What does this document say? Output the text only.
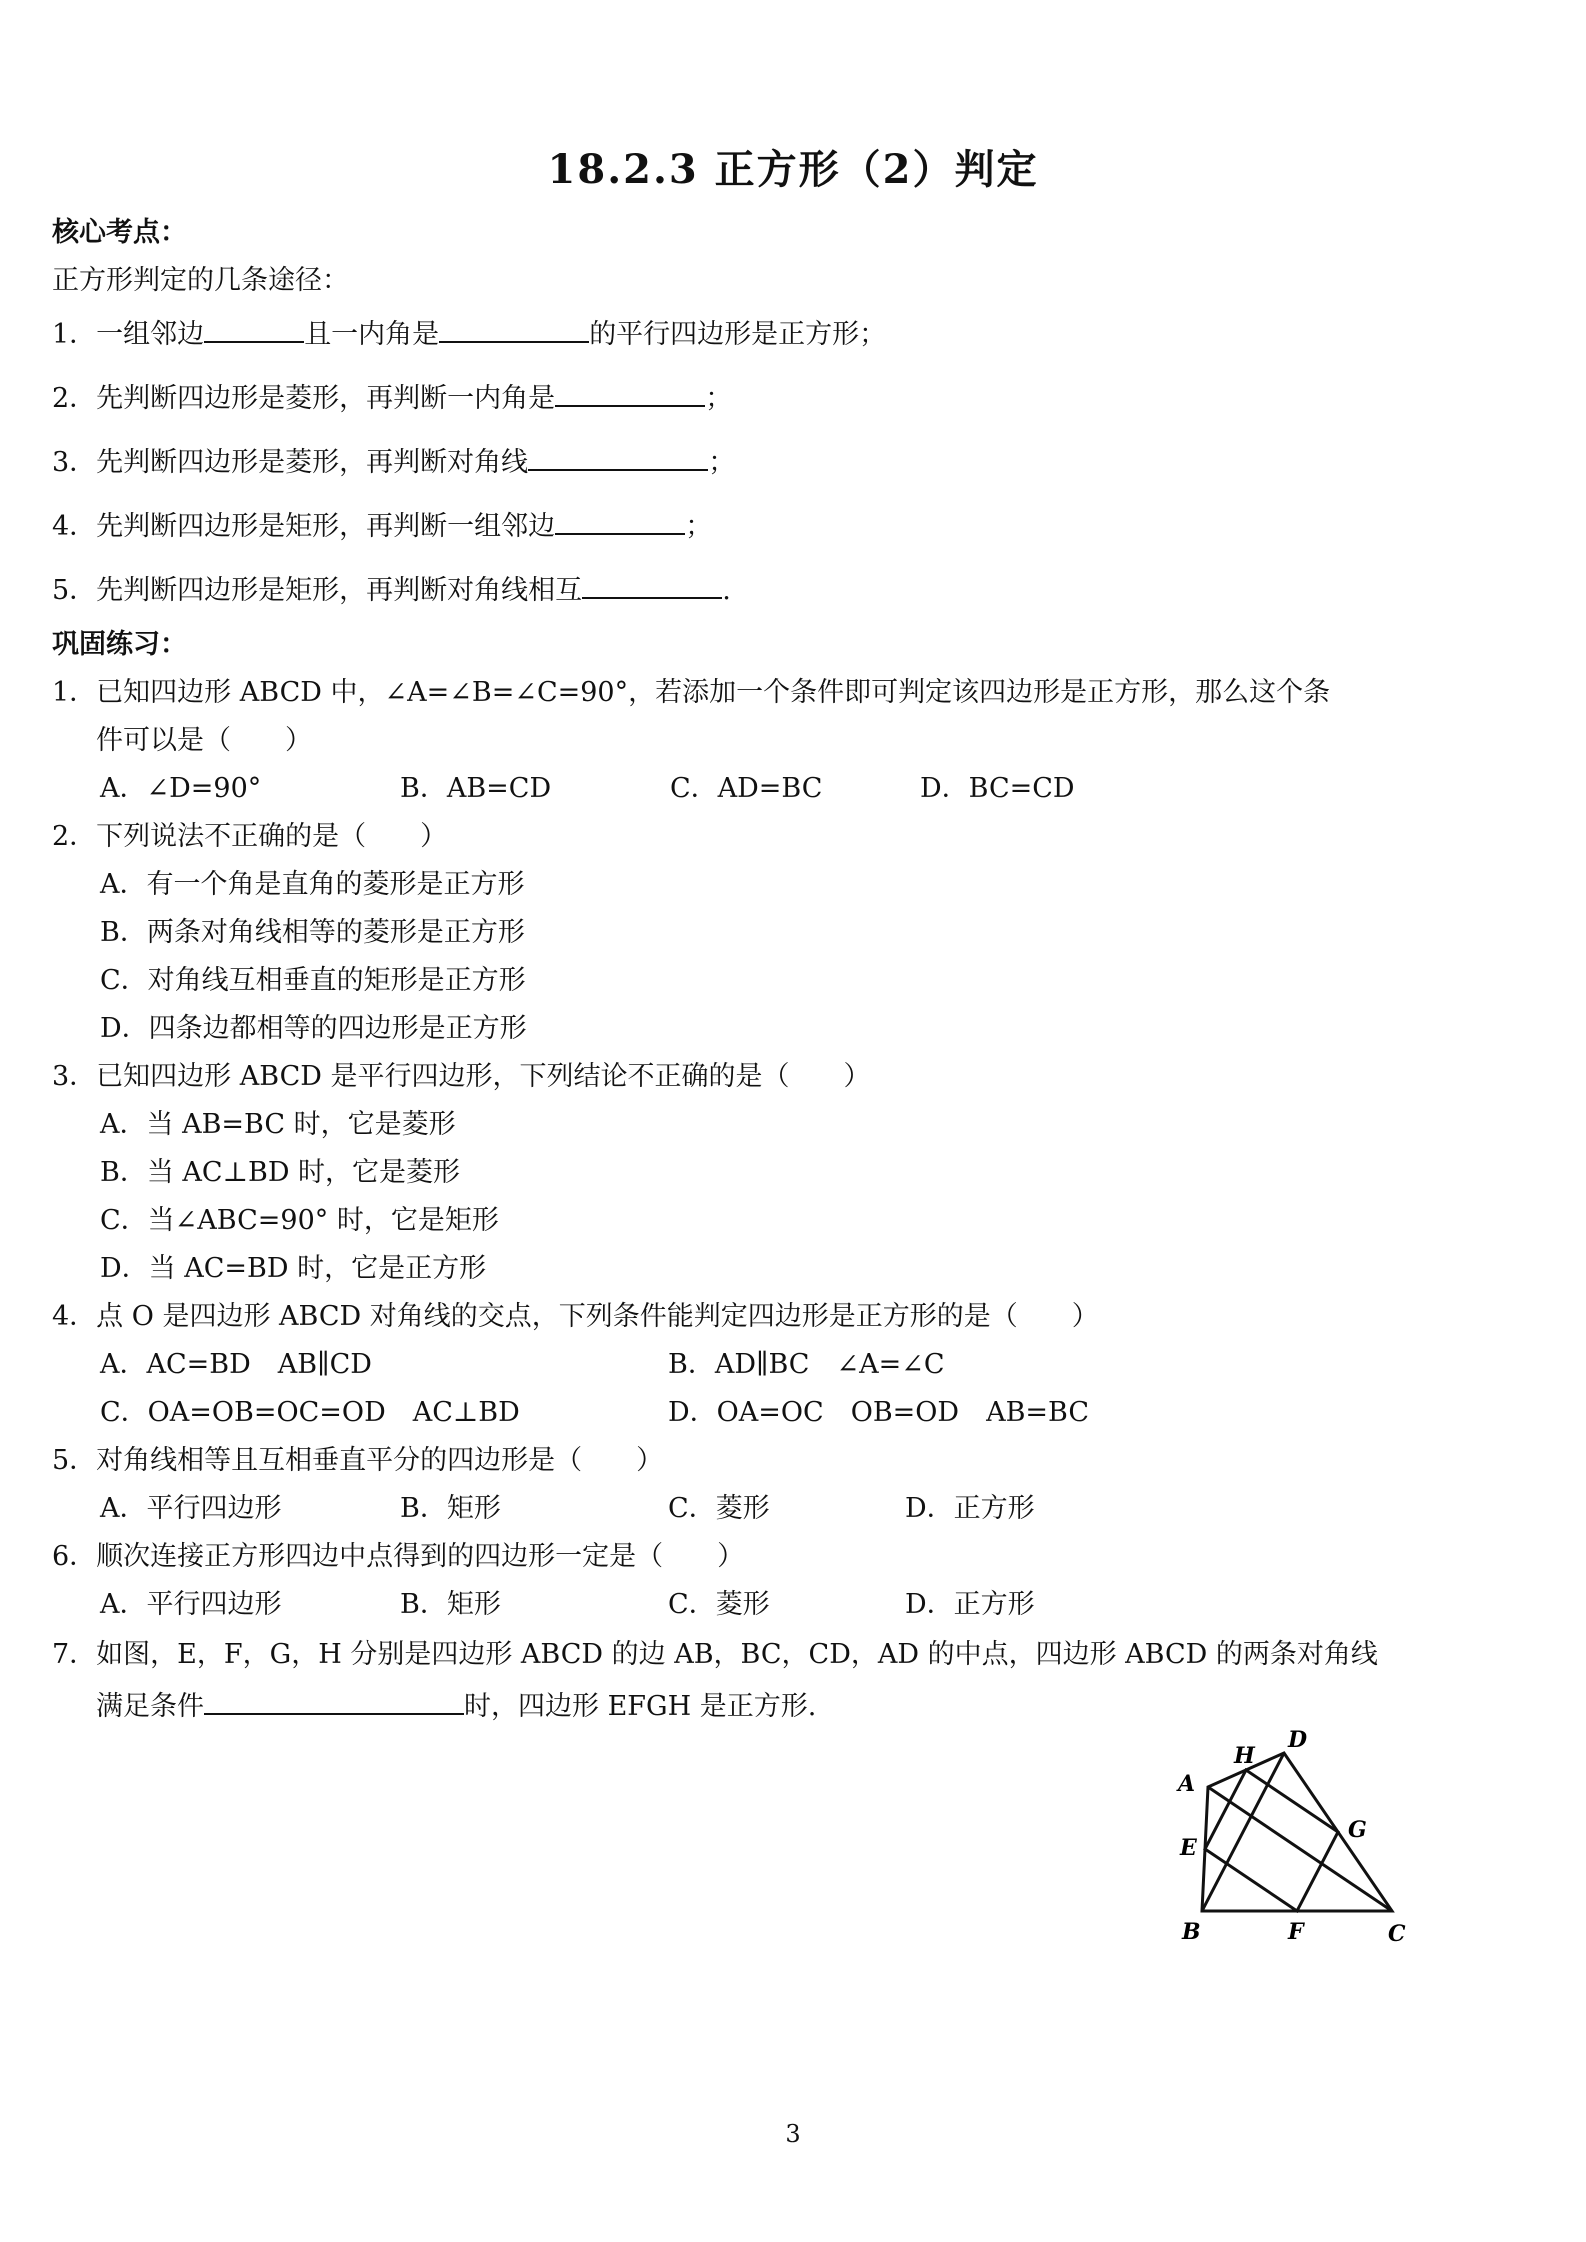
18.2.3 正方形（2）判定
核心考点：
正方形判定的几条途径：
1．一组邻边	且一内角是	的平行四边形是正方形；
2．先判断四边形是菱形，再判断一内角是	；
3．先判断四边形是菱形，再判断对角线	；
4．先判断四边形是矩形，再判断一组邻边	；
5．先判断四边形是矩形，再判断对角线相互	.
巩固练习：
1．已知四边形 ABCD 中，∠A=∠B=∠C=90°，若添加一个条件即可判定该四边形是正方形，那么这个条
件可以是（　　）
A．∠D=90°	B．AB=CD	C．AD=BC	D．BC=CD
2．下列说法不正确的是（　　）
A．有一个角是直角的菱形是正方形
B．两条对角线相等的菱形是正方形
C．对角线互相垂直的矩形是正方形
D．四条边都相等的四边形是正方形
3．已知四边形 ABCD 是平行四边形，下列结论不正确的是（　　）
A．当 AB=BC 时，它是菱形
B．当 AC⊥BD 时，它是菱形
C．当∠ABC=90° 时，它是矩形
D．当 AC=BD 时，它是正方形
4．点 O 是四边形 ABCD 对角线的交点，下列条件能判定四边形是正方形的是（　　）
A．AC=BD　AB∥CD	B．AD∥BC　∠A=∠C
C．OA=OB=OC=OD　AC⊥BD	D．OA=OC　OB=OD　AB=BC
5．对角线相等且互相垂直平分的四边形是（　　）
A．平行四边形	B．矩形	C．菱形	D．正方形
6．顺次连接正方形四边中点得到的四边形一定是（　　）
A．平行四边形	B．矩形	C．菱形	D．正方形
7．如图，E，F，G，H 分别是四边形 ABCD 的边 AB，BC，CD，AD 的中点，四边形 ABCD 的两条对角线
满足条件	时，四边形 EFGH 是正方形.
A
H
D
G
E
B	F	C
3
